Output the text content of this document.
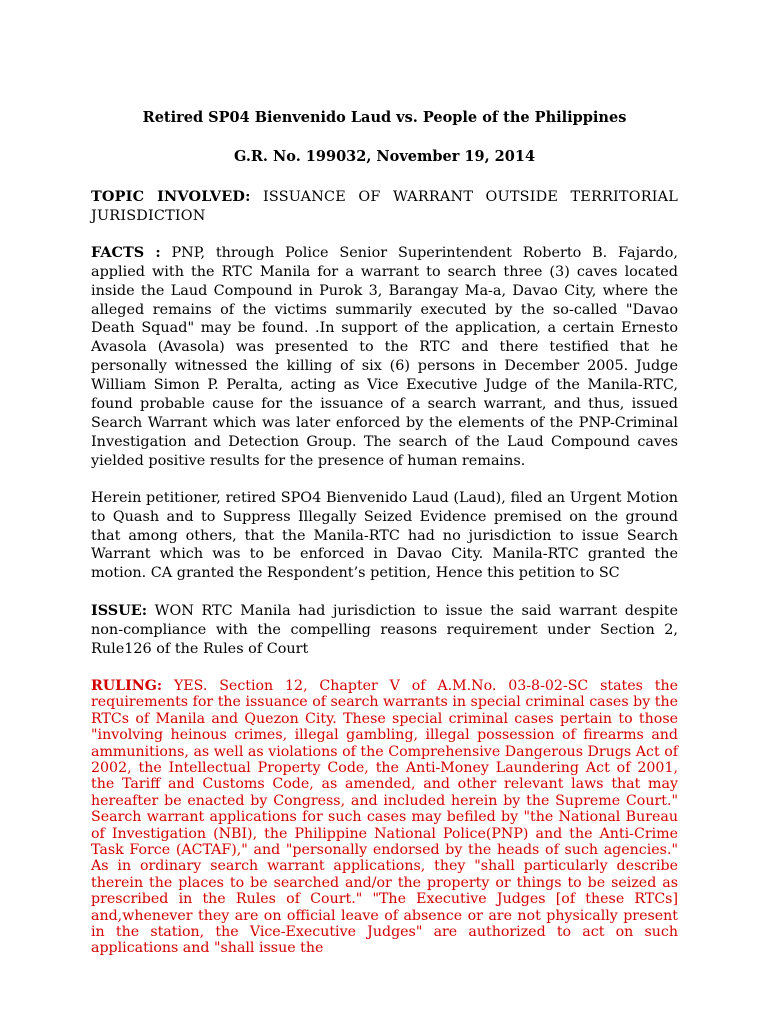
Retired SP04 Bienvenido Laud vs. People of the Philippines

G.R. No. 199032, November 19, 2014

TOPIC INVOLVED: ISSUANCE OF WARRANT OUTSIDE TERRITORIAL JURISDICTION

FACTS : PNP, through Police Senior Superintendent Roberto B. Fajardo, applied with the RTC Manila for a warrant to search three (3) caves located inside the Laud Compound in Purok 3, Barangay Ma-a, Davao City, where the alleged remains of the victims summarily executed by the so-called "Davao Death Squad" may be found. .In support of the application, a certain Ernesto Avasola (Avasola) was presented to the RTC and there testified that he personally witnessed the killing of six (6) persons in December 2005. Judge William Simon P. Peralta, acting as Vice Executive Judge of the Manila-RTC, found probable cause for the issuance of a search warrant, and thus, issued Search Warrant which was later enforced by the elements of the PNP-Criminal Investigation and Detection Group. The search of the Laud Compound caves yielded positive results for the presence of human remains.

Herein petitioner, retired SPO4 Bienvenido Laud (Laud), filed an Urgent Motion to Quash and to Suppress Illegally Seized Evidence premised on the ground that among others, that the Manila-RTC had no jurisdiction to issue Search Warrant which was to be enforced in Davao City. Manila-RTC granted the motion. CA granted the Respondent’s petition, Hence this petition to SC

ISSUE: WON RTC Manila had jurisdiction to issue the said warrant despite non-compliance with the compelling reasons requirement under Section 2, Rule126 of the Rules of Court

RULING: YES. Section 12, Chapter V of A.M.No. 03-8-02-SC states the requirements for the issuance of search warrants in special criminal cases by the RTCs of Manila and Quezon City. These special criminal cases pertain to those "involving heinous crimes, illegal gambling, illegal possession of firearms and ammunitions, as well as violations of the Comprehensive Dangerous Drugs Act of 2002, the Intellectual Property Code, the Anti-Money Laundering Act of 2001, the Tariff and Customs Code, as amended, and other relevant laws that may hereafter be enacted by Congress, and included herein by the Supreme Court." Search warrant applications for such cases may befiled by "the National Bureau of Investigation (NBI), the Philippine National Police(PNP) and the Anti-Crime Task Force (ACTAF)," and "personally endorsed by the heads of such agencies." As in ordinary search warrant applications, they "shall particularly describe therein the places to be searched and/or the property or things to be seized as prescribed in the Rules of Court." "The Executive Judges [of these RTCs] and,whenever they are on official leave of absence or are not physically present in the station, the Vice-Executive Judges" are authorized to act on such applications and "shall issue the
